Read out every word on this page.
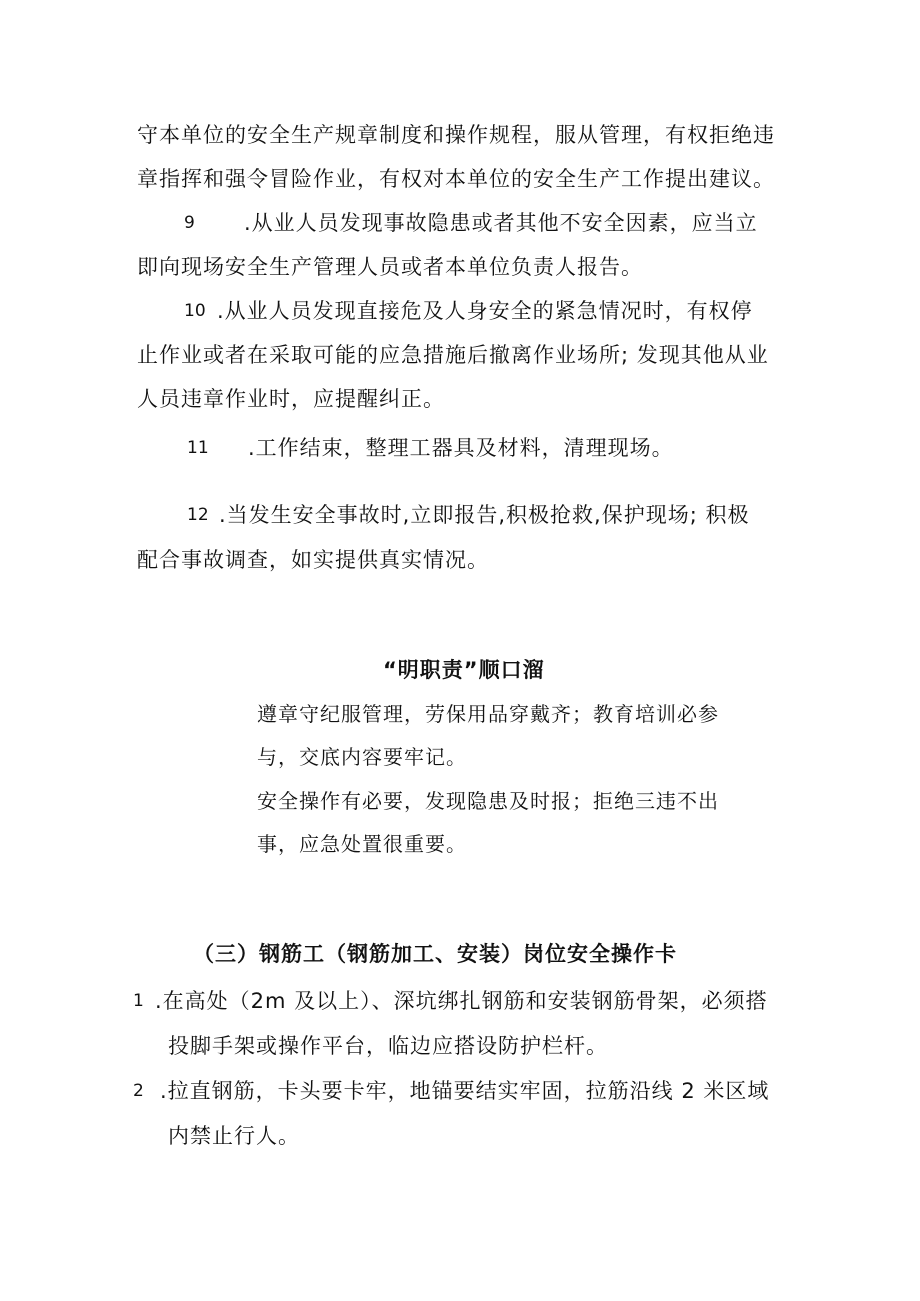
守本单位的安全生产规章制度和操作规程，服从管理，有权拒绝违
章指挥和强令冒险作业，有权对本单位的安全生产工作提出建议。
9 .从业人员发现事故隐患或者其他不安全因素，应当立
即向现场安全生产管理人员或者本单位负责人报告。
10 .从业人员发现直接危及人身安全的紧急情况时，有权停
止作业或者在采取可能的应急措施后撤离作业场所; 发现其他从业
人员违章作业时，应提醒纠正。
11 .工作结束，整理工器具及材料，清理现场。
12 .当发生安全事故时,立即报告,积极抢救,保护现场; 积极
配合事故调查，如实提供真实情况。
“明职责”顺口溜
遵章守纪服管理，劳保用品穿戴齐；教育培训必参
与，交底内容要牢记。
安全操作有必要，发现隐患及时报；拒绝三违不出
事，应急处置很重要。
（三）钢筋工（钢筋加工、安装）岗位安全操作卡
1 .在高处（2m 及以上）、深坑绑扎钢筋和安装钢筋骨架，必须搭
投脚手架或操作平台，临边应搭设防护栏杆。
2 .拉直钢筋，卡头要卡牢，地锚要结实牢固，拉筋沿线 2 米区域
内禁止行人。
